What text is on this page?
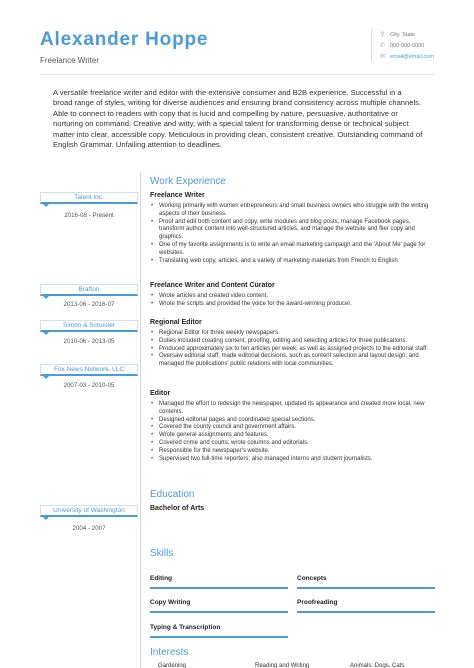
Alexander Hoppe
Freelance Writer
⚲ City, State
✆ 000-000-0000
✉ email@email.com
A versatile freelance writer and editor with the extensive consumer and B2B experience. Successful in a broad range of styles, writing for diverse audiences and ensuring brand consistency across multiple channels. Able to connect to readers with copy that is lucid and compelling by nature, persuasive, authoritative or nurturing on command. Creative and witty, with a special talent for transforming dense or technical subject matter into clear, accessible copy. Meticulous in providing clean, consistent creative. Outstanding command of English Grammar. Unfailing attention to deadlines.
Work Experience
Talent Inc.
2016-08 - Present
Freelance Writer
• Working primarily with women entrepreneurs and small business owners who struggle with the writing aspects of their business.
• Proof and edit both content and copy, write modules and blog posts, manage Facebook pages, transform author content into well-structured articles, and manage the website and flier copy and graphics.
• One of my favorite assignments is to write an email marketing campaign and the 'About Me' page for websites.
• Translating web copy, articles, and a variety of marketing materials from French to English.
Brafton
2013-06 - 2016-07
Freelance Writer and Content Curator
• Wrote articles and created video content.
• Wrote the scripts and provided the voice for the award-winning producer.
Simon & Schuster
2010-06 - 2013-05
Regional Editor
• Regional Editor for three weekly newspapers.
• Duties included creating content, proofing, editing and selecting articles for three publications.
• Produced approximately six to ten articles per week, as well as assigned projects to the editorial staff.
• Oversaw editorial staff; made editorial decisions, such as content selection and layout design; and managed the publications' public relations with local communities.
Fox News Network, LLC
2007-03 - 2010-05
Editor
• Managed the effort to redesign the newspaper, updated its appearance and created more local, new contents.
• Designed editorial pages and coordinated special sections.
• Covered the county council and government affairs.
• Wrote general assignments and features.
• Covered crime and courts; wrote columns and editorials.
• Responsible for the newspaper's website.
• Supervised two full-time reporters; also managed interns and student journalists.
Education
University of Washington
2004 - 2007
Bachelor of Arts
Skills
Editing	Concepts
Copy Writing	Proofreading
Typing & Transcription
Interests
Gardening	Reading and Writing	Animals: Dogs, Cats
